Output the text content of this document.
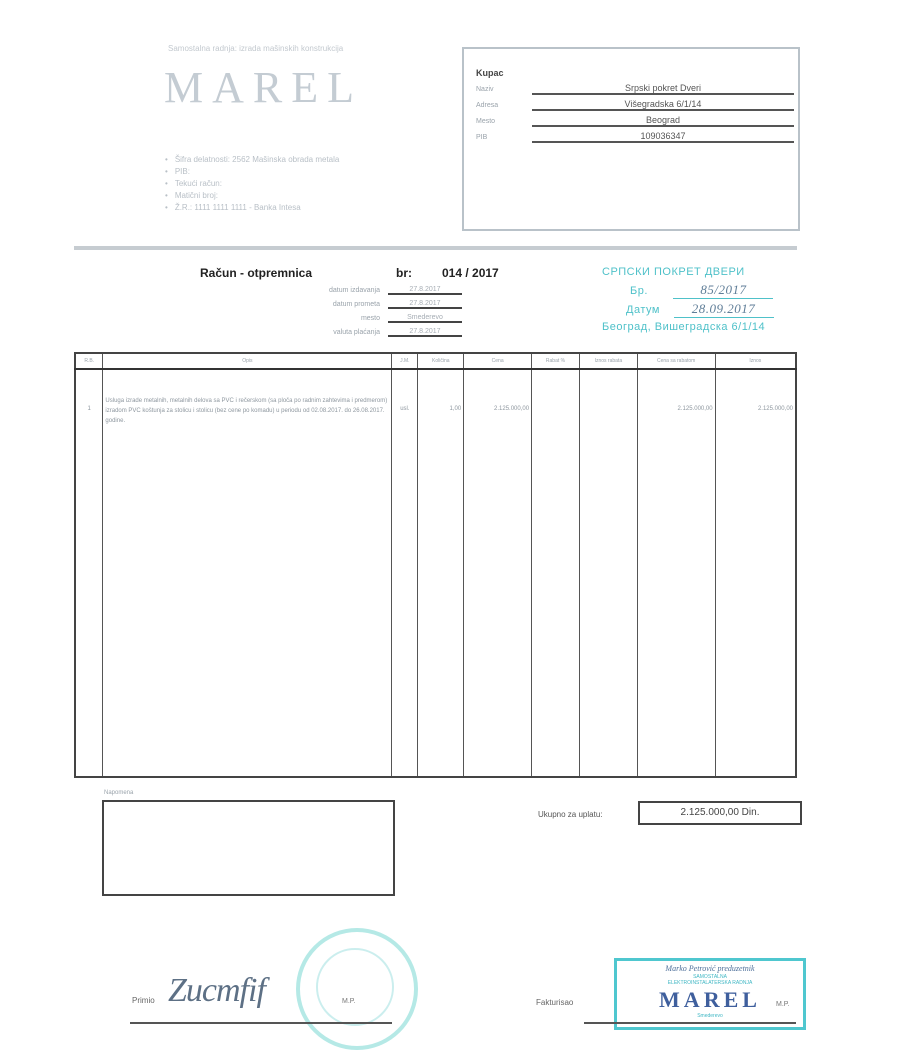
Samostalna radnja: izrada mašinskih konstrukcija
MAREL
• Šifra delatnosti: 2562 Mašinska obrada metala
• PIB:
• Tekući račun:
• Matični broj:
• Ž.R.: 1111 1111 1111 - Banka Intesa
Kupac
Naziv	Srpski pokret Dveri
Adresa	Višegradska 6/1/14
Mesto	Beograd
PIB	109036347
Račun - otpremnica	br:	014 / 2017
datum izdavanja	27.8.2017
datum prometa	27.8.2017
mesto	Smederevo
valuta plaćanja	27.8.2017
СРПСКИ ПОКРЕТ ДВЕРИ
Бр.	85/2017
Датум 28.09.2017
Београд, Вишеградска 6/1/14
R.B.	Opis	J.M.	Količina	Cena	Rabat %	Iznos rabata	Cena sa rabatom	Iznos
1	Usluga izrade metalnih, metalnih delova sa PVC i rečerskom (sa ploča po radnim zahtevima i predmerom) izradom PVC koštunja za stolicu i stolicu (bez cene po komadu) u periodu od 02.08.2017. do 26.08.2017. godine.	usl.	1,00	2.125.000,00			2.125.000,00	2.125.000,00
Napomena
Ukupno za uplatu:	2.125.000,00 Din.
Primio Zucmfif	M.P.	Fakturisao
Marko Petrović preduzetnik
SAMOSTALNA
ELEKTROINSTALATERSKA RADNJA
MAREL
Smederevo
M.P.
